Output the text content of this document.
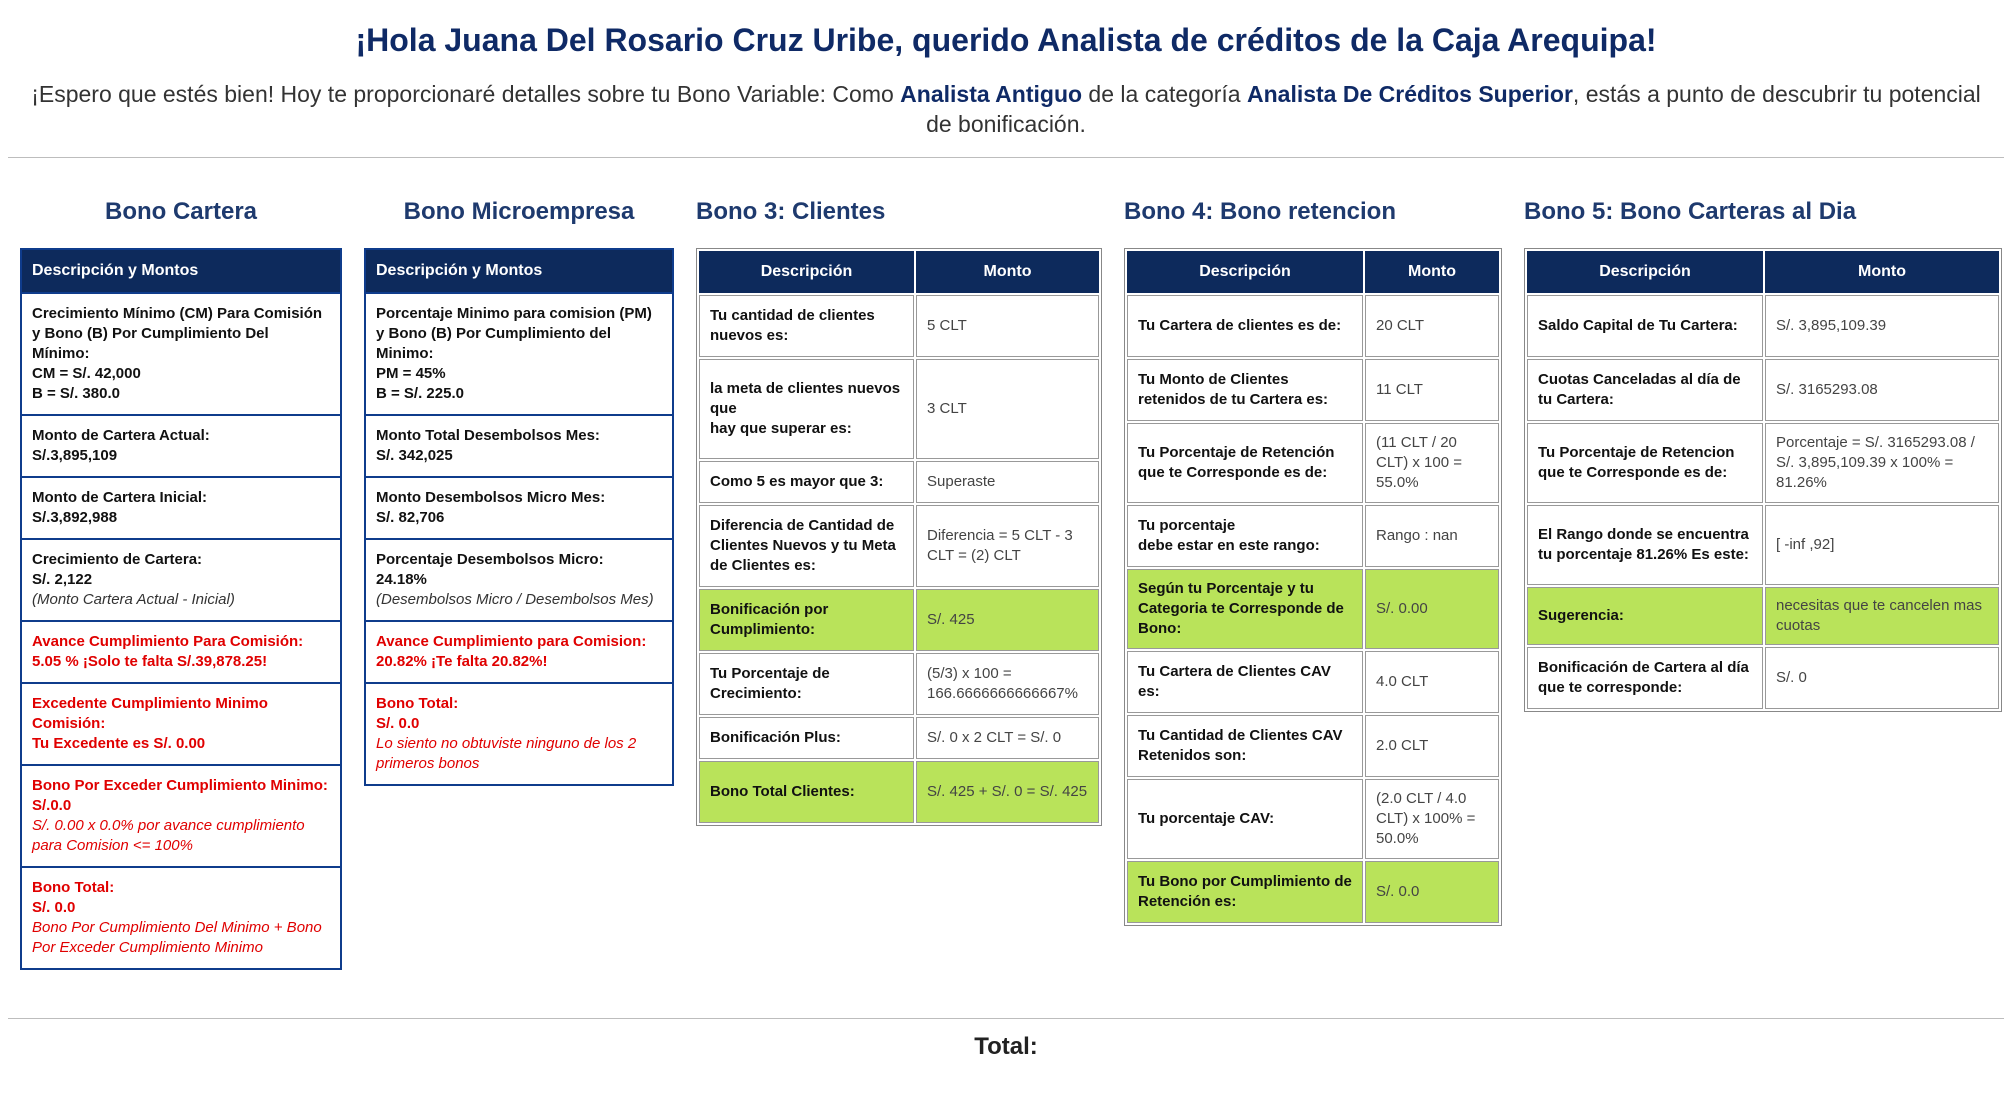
¡Hola Juana Del Rosario Cruz Uribe, querido Analista de créditos de la Caja Arequipa!

¡Espero que estés bien! Hoy te proporcionaré detalles sobre tu Bono Variable: Como Analista Antiguo de la categoría Analista De Créditos Superior, estás a punto de descubrir tu potencial de bonificación.

Bono Cartera
Descripción y Montos
Crecimiento Mínimo (CM) Para Comisión y Bono (B) Por Cumplimiento Del Mínimo:
CM = S/. 42,000
B = S/. 380.0
Monto de Cartera Actual:
S/.3,895,109
Monto de Cartera Inicial:
S/.3,892,988
Crecimiento de Cartera:
S/. 2,122
(Monto Cartera Actual - Inicial)
Avance Cumplimiento Para Comisión:
5.05 % ¡Solo te falta S/.39,878.25!
Excedente Cumplimiento Minimo Comisión:
Tu Excedente es S/. 0.00
Bono Por Exceder Cumplimiento Minimo:
S/.0.0
S/. 0.00 x 0.0% por avance cumplimiento para Comision <= 100%
Bono Total:
S/. 0.0
Bono Por Cumplimiento Del Minimo + Bono Por Exceder Cumplimiento Minimo
Bono Microempresa
Descripción y Montos
Porcentaje Minimo para comision (PM) y Bono (B) Por Cumplimiento del Minimo:
PM = 45%
B = S/. 225.0
Monto Total Desembolsos Mes:
S/. 342,025
Monto Desembolsos Micro Mes:
S/. 82,706
Porcentaje Desembolsos Micro:
24.18%
(Desembolsos Micro / Desembolsos Mes)
Avance Cumplimiento para Comision:
20.82% ¡Te falta 20.82%!
Bono Total:
S/. 0.0
Lo siento no obtuviste ninguno de los 2 primeros bonos
Bono 3: Clientes
Descripción	Monto
Tu cantidad de clientes nuevos es:	5 CLT
la meta de clientes nuevos
que
hay que superar es:	3 CLT
Como 5 es mayor que 3:	Superaste
Diferencia de Cantidad de Clientes Nuevos y tu Meta de Clientes es:	Diferencia = 5 CLT - 3 CLT = (2) CLT
Bonificación por Cumplimiento:	S/. 425
Tu Porcentaje de Crecimiento:	(5/3) x 100 = 166.6666666666667%
Bonificación Plus:	S/. 0 x 2 CLT = S/. 0
Bono Total Clientes:	S/. 425 + S/. 0 = S/. 425
Bono 4: Bono retencion
Descripción	Monto
Tu Cartera de clientes es de:	20 CLT
Tu Monto de Clientes retenidos de tu Cartera es:	11 CLT
Tu Porcentaje de Retención que te Corresponde es de:	(11 CLT / 20 CLT) x 100 = 55.0%
Tu porcentaje
debe estar en este rango:	Rango : nan
Según tu Porcentaje y tu Categoria te Corresponde de Bono:	S/. 0.00
Tu Cartera de Clientes CAV es:	4.0 CLT
Tu Cantidad de Clientes CAV Retenidos son:	2.0 CLT
Tu porcentaje CAV:	(2.0 CLT / 4.0 CLT) x 100% = 50.0%
Tu Bono por Cumplimiento de Retención es:	S/. 0.0
Bono 5: Bono Carteras al Dia
Descripción	Monto
Saldo Capital de Tu Cartera:	S/. 3,895,109.39
Cuotas Canceladas al día de tu Cartera:	S/. 3165293.08
Tu Porcentaje de Retencion que te Corresponde es de:	Porcentaje = S/. 3165293.08 / S/. 3,895,109.39 x 100% = 81.26%
El Rango donde se encuentra tu porcentaje 81.26% Es este:	[ -inf ,92]
Sugerencia:	necesitas que te cancelen mas cuotas
Bonificación de Cartera al día que te corresponde:	S/. 0
Total:
